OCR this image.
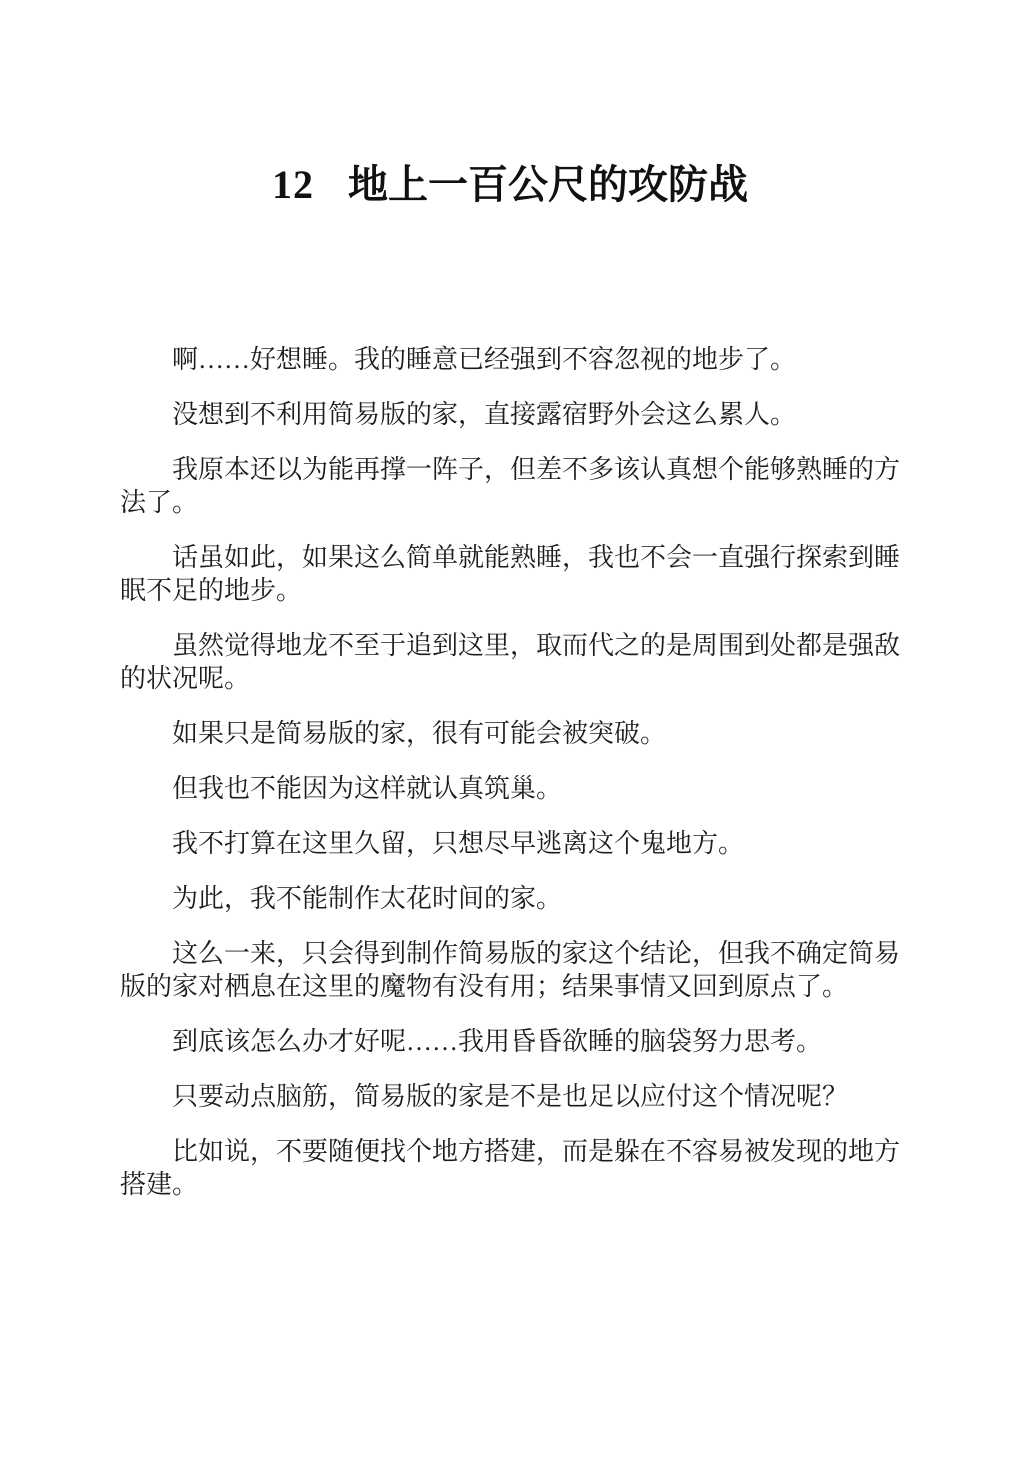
12 地上一百公尺的攻防战

啊……好想睡。我的睡意已经强到不容忽视的地步了。

没想到不利用简易版的家，直接露宿野外会这么累人。

我原本还以为能再撑一阵子，但差不多该认真想个能够熟睡的方法了。

话虽如此，如果这么简单就能熟睡，我也不会一直强行探索到睡眠不足的地步。

虽然觉得地龙不至于追到这里，取而代之的是周围到处都是强敌的状况呢。

如果只是简易版的家，很有可能会被突破。

但我也不能因为这样就认真筑巢。

我不打算在这里久留，只想尽早逃离这个鬼地方。

为此，我不能制作太花时间的家。

这么一来，只会得到制作简易版的家这个结论，但我不确定简易版的家对栖息在这里的魔物有没有用；结果事情又回到原点了。

到底该怎么办才好呢……我用昏昏欲睡的脑袋努力思考。

只要动点脑筋，简易版的家是不是也足以应付这个情况呢？

比如说，不要随便找个地方搭建，而是躲在不容易被发现的地方搭建。
